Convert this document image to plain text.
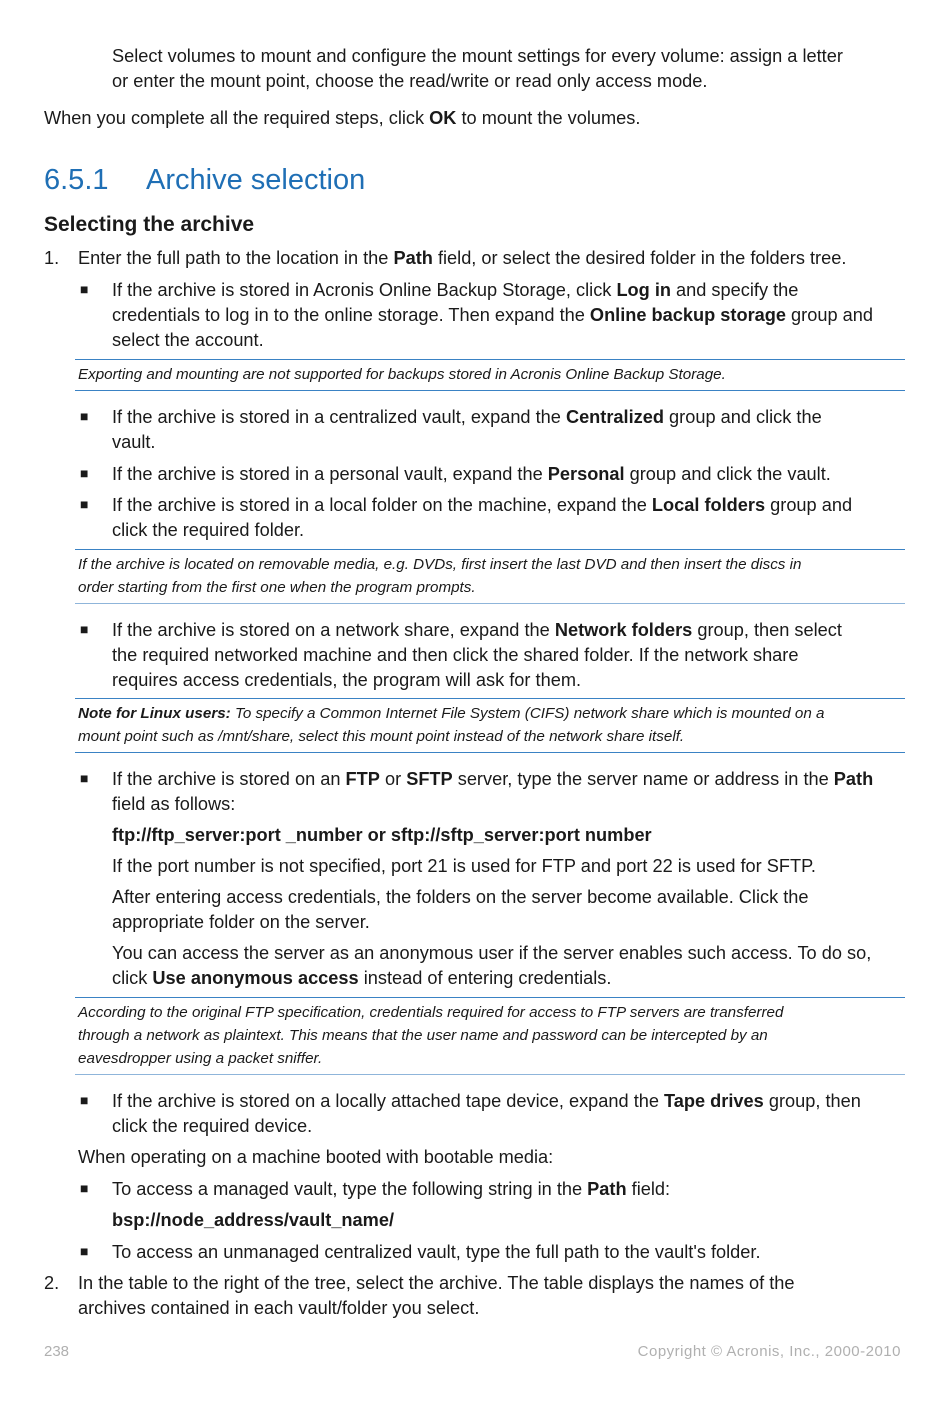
Select volumes to mount and configure the mount settings for every volume: assign a letter
or enter the mount point, choose the read/write or read only access mode.

When you complete all the required steps, click OK to mount the volumes.

6.5.1 Archive selection
Selecting the archive
1. Enter the full path to the location in the Path field, or select the desired folder in the folders tree.

■ If the archive is stored in Acronis Online Backup Storage, click Log in and specify the
credentials to log in to the online storage. Then expand the Online backup storage group and
select the account.

Exporting and mounting are not supported for backups stored in Acronis Online Backup Storage.
■ If the archive is stored in a centralized vault, expand the Centralized group and click the
vault.

■ If the archive is stored in a personal vault, expand the Personal group and click the vault.

■ If the archive is stored in a local folder on the machine, expand the Local folders group and
click the required folder.

If the archive is located on removable media, e.g. DVDs, first insert the last DVD and then insert the discs in
order starting from the first one when the program prompts.
■ If the archive is stored on a network share, expand the Network folders group, then select
the required networked machine and then click the shared folder. If the network share
requires access credentials, the program will ask for them.

Note for Linux users: To specify a Common Internet File System (CIFS) network share which is mounted on a
mount point such as /mnt/share, select this mount point instead of the network share itself.
■ If the archive is stored on an FTP or SFTP server, type the server name or address in the Path
field as follows:

ftp://ftp_server:port _number or sftp://sftp_server:port number

If the port number is not specified, port 21 is used for FTP and port 22 is used for SFTP.

After entering access credentials, the folders on the server become available. Click the
appropriate folder on the server.

You can access the server as an anonymous user if the server enables such access. To do so,
click Use anonymous access instead of entering credentials.

According to the original FTP specification, credentials required for access to FTP servers are transferred
through a network as plaintext. This means that the user name and password can be intercepted by an
eavesdropper using a packet sniffer.
■ If the archive is stored on a locally attached tape device, expand the Tape drives group, then
click the required device.

When operating on a machine booted with bootable media:

■ To access a managed vault, type the following string in the Path field:

bsp://node_address/vault_name/

■ To access an unmanaged centralized vault, type the full path to the vault's folder.

2. In the table to the right of the tree, select the archive. The table displays the names of the
archives contained in each vault/folder you select.

238	Copyright © Acronis, Inc., 2000-2010
